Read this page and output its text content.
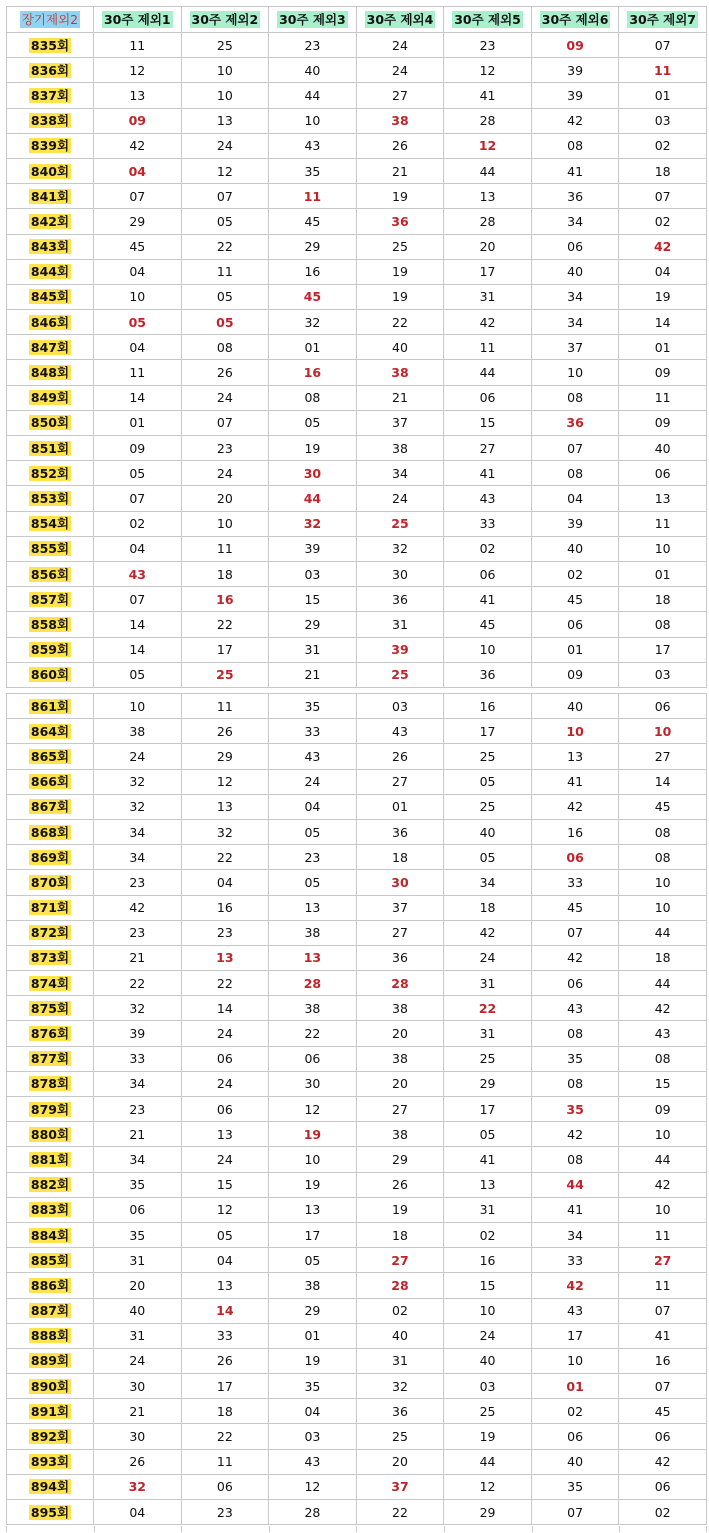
장기제외2	30주 제외1	30주 제외2	30주 제외3	30주 제외4	30주 제외5	30주 제외6	30주 제외7
835회	11	25	23	24	23	09	07
836회	12	10	40	24	12	39	11
837회	13	10	44	27	41	39	01
838회	09	13	10	38	28	42	03
839회	42	24	43	26	12	08	02
840회	04	12	35	21	44	41	18
841회	07	07	11	19	13	36	07
842회	29	05	45	36	28	34	02
843회	45	22	29	25	20	06	42
844회	04	11	16	19	17	40	04
845회	10	05	45	19	31	34	19
846회	05	05	32	22	42	34	14
847회	04	08	01	40	11	37	01
848회	11	26	16	38	44	10	09
849회	14	24	08	21	06	08	11
850회	01	07	05	37	15	36	09
851회	09	23	19	38	27	07	40
852회	05	24	30	34	41	08	06
853회	07	20	44	24	43	04	13
854회	02	10	32	25	33	39	11
855회	04	11	39	32	02	40	10
856회	43	18	03	30	06	02	01
857회	07	16	15	36	41	45	18
858회	14	22	29	31	45	06	08
859회	14	17	31	39	10	01	17
860회	05	25	21	25	36	09	03
861회	10	11	35	03	16	40	06
864회	38	26	33	43	17	10	10
865회	24	29	43	26	25	13	27
866회	32	12	24	27	05	41	14
867회	32	13	04	01	25	42	45
868회	34	32	05	36	40	16	08
869회	34	22	23	18	05	06	08
870회	23	04	05	30	34	33	10
871회	42	16	13	37	18	45	10
872회	23	23	38	27	42	07	44
873회	21	13	13	36	24	42	18
874회	22	22	28	28	31	06	44
875회	32	14	38	38	22	43	42
876회	39	24	22	20	31	08	43
877회	33	06	06	38	25	35	08
878회	34	24	30	20	29	08	15
879회	23	06	12	27	17	35	09
880회	21	13	19	38	05	42	10
881회	34	24	10	29	41	08	44
882회	35	15	19	26	13	44	42
883회	06	12	13	19	31	41	10
884회	35	05	17	18	02	34	11
885회	31	04	05	27	16	33	27
886회	20	13	38	28	15	42	11
887회	40	14	29	02	10	43	07
888회	31	33	01	40	24	17	41
889회	24	26	19	31	40	10	16
890회	30	17	35	32	03	01	07
891회	21	18	04	36	25	02	45
892회	30	22	03	25	19	06	06
893회	26	11	43	20	44	40	42
894회	32	06	12	37	12	35	06
895회	04	23	28	22	29	07	02
